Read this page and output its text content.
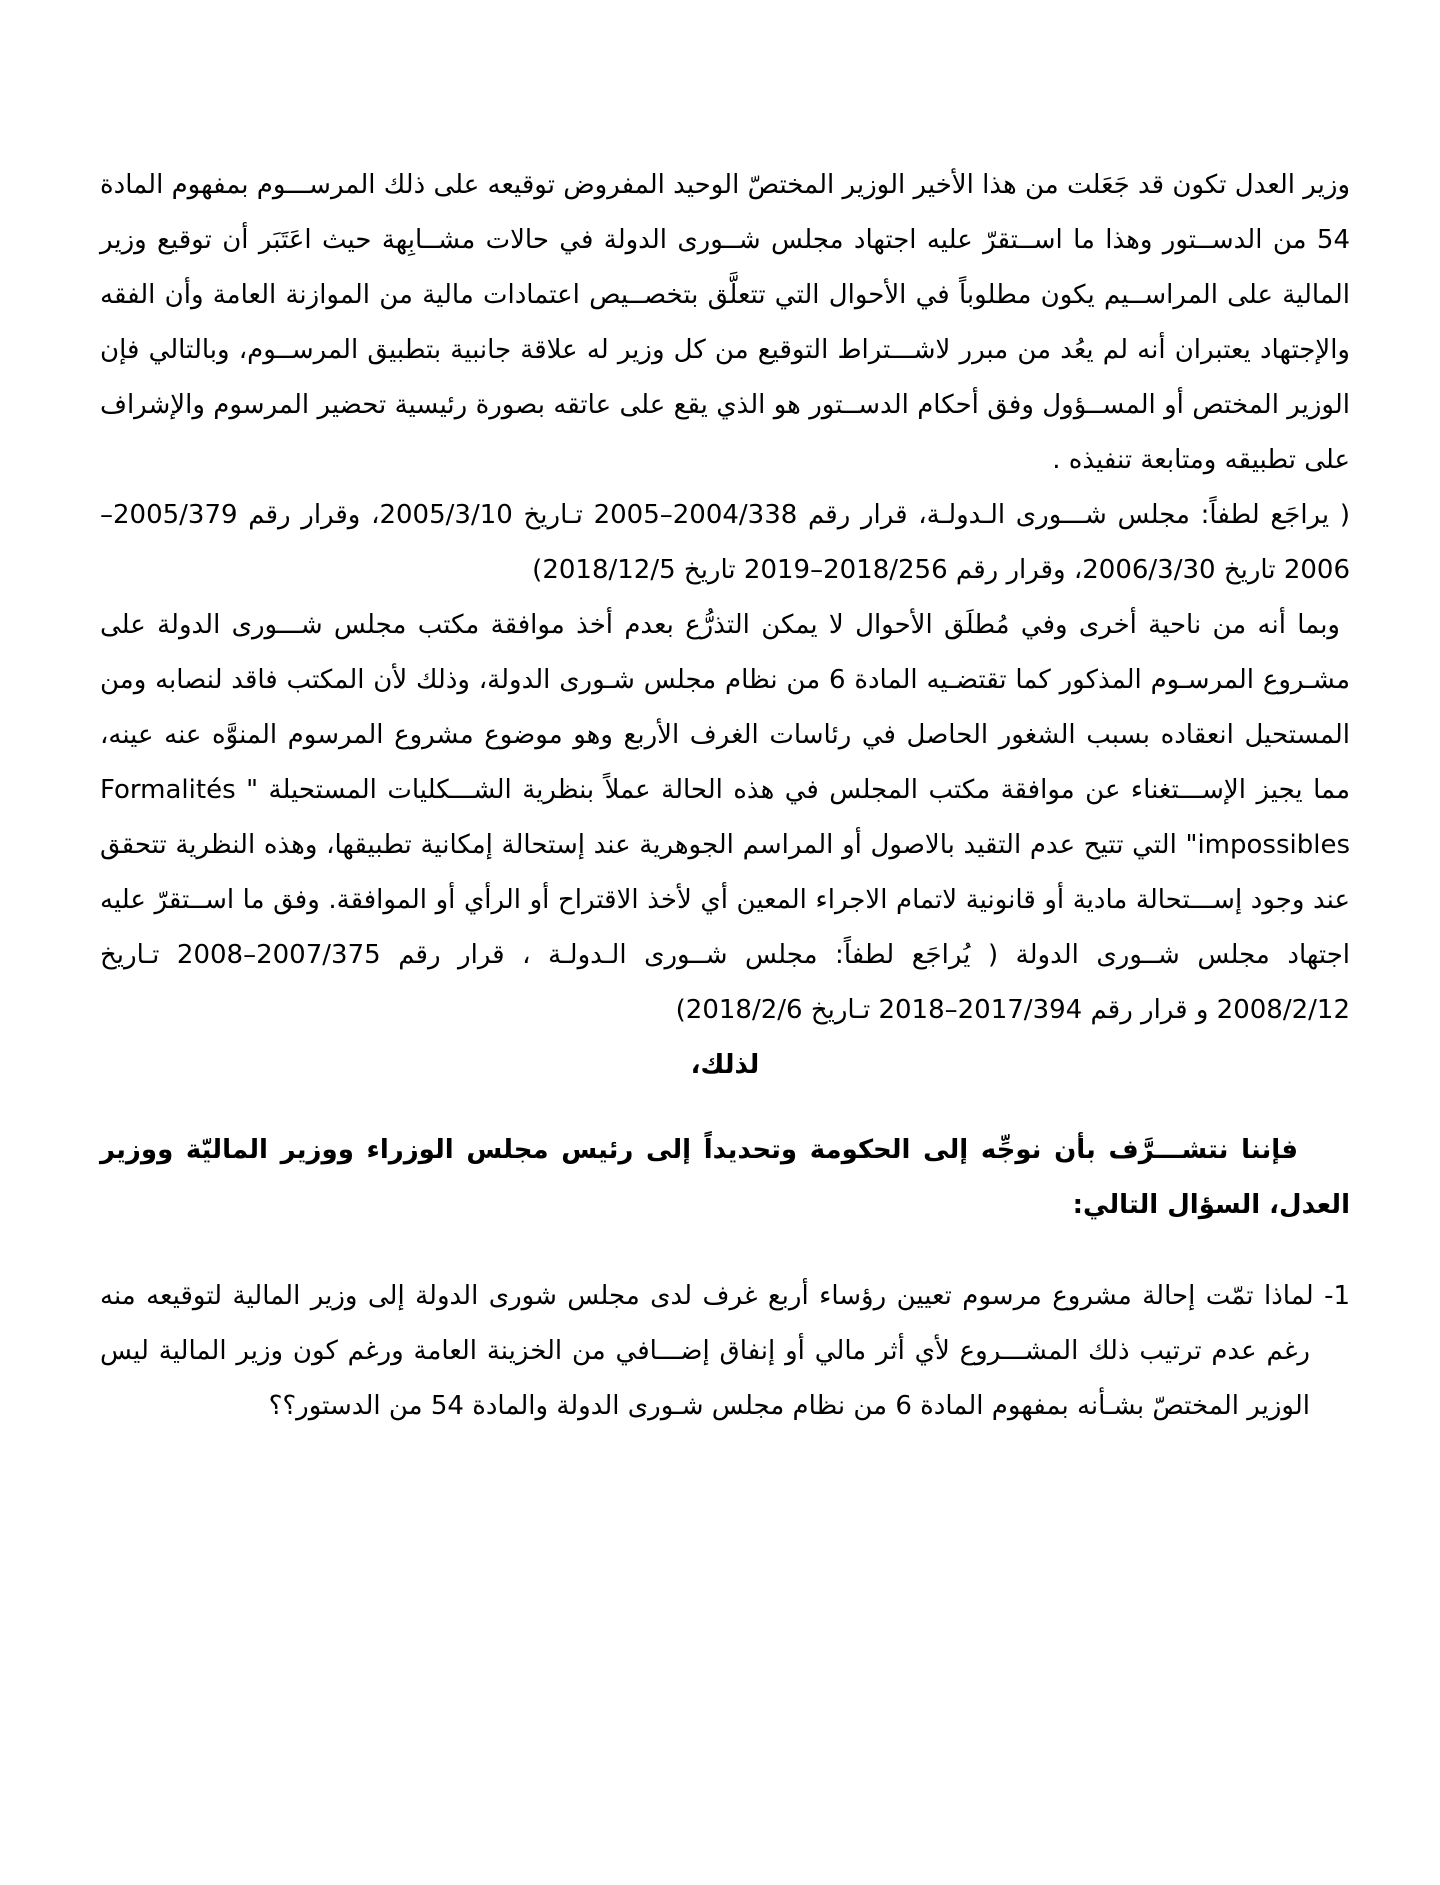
وزير العدل تكون قد جَعَلت من هذا الأخير الوزير المختصّ الوحيد المفروض توقيعه على ذلك المرســـوم بمفهوم المادة 54 من الدســتور وهذا ما اســتقرّ عليه اجتهاد مجلس شــورى الدولة في حالات مشــابِهة حيث اعَتَبَر أن توقيع وزير المالية على المراســيم يكون مطلوباً في الأحوال التي تتعلَّق بتخصــيص اعتمادات مالية من الموازنة العامة وأن الفقه والإجتهاد يعتبران أنه لم يعُد من مبرر لاشـــتراط التوقيع من كل وزير له علاقة جانبية بتطبيق المرســوم، وبالتالي فإن الوزير المختص أو المســؤول وفق أحكام الدســتور هو الذي يقع على عاتقه بصورة رئيسية تحضير المرسوم والإشراف على تطبيقه ومتابعة تنفيذه .

( يراجَع لطفاً: مجلس شـــورى الـدولـة، قرار رقم 2004/338–2005 تـاريخ 2005/3/10، وقرار رقم 2005/379– 2006 تاريخ 2006/3/30، وقرار رقم 2018/256–2019 تاريخ 2018/12/5)

وبما أنه من ناحية أخرى وفي مُطلَق الأحوال لا يمكن التذرُّع بعدم أخذ موافقة مكتب مجلس شـــورى الدولة على مشـروع المرسـوم المذكور كما تقتضـيه المادة 6 من نظام مجلس شـورى الدولة، وذلك لأن المكتب فاقد لنصابه ومن المستحيل انعقاده بسبب الشغور الحاصل في رئاسات الغرف الأربع وهو موضوع مشروع المرسوم المنوَّه عنه عينه، مما يجيز الإســـتغناء عن موافقة مكتب المجلس في هذه الحالة عملاً بنظرية الشـــكليات المستحيلة " Formalités impossibles" التي تتيح عدم التقيد بالاصول أو المراسم الجوهرية عند إستحالة إمكانية تطبيقها، وهذه النظرية تتحقق عند وجود إســـتحالة مادية أو قانونية لاتمام الاجراء المعين أي لأخذ الاقتراح أو الرأي أو الموافقة. وفق ما اســتقرّ عليه اجتهاد مجلس شــورى الدولة ( يُراجَع لطفاً: مجلس شــورى الـدولـة ، قرار رقم 2007/375–2008 تـاريخ 2008/2/12 و قرار رقم 2017/394–2018 تـاريخ 2018/2/6)

لذلك،

فإننا نتشـــرَّف بأن نوجِّه إلى الحكومة وتحديداً إلى رئيس مجلس الوزراء ووزير الماليّة ووزير العدل، السؤال التالي:

1- لماذا تمّت إحالة مشروع مرسوم تعيين رؤساء أربع غرف لدى مجلس شورى الدولة إلى وزير المالية لتوقيعه منه رغم عدم ترتيب ذلك المشـــروع لأي أثر مالي أو إنفاق إضـــافي من الخزينة العامة ورغم كون وزير المالية ليس الوزير المختصّ بشـأنه بمفهوم المادة 6 من نظام مجلس شـورى الدولة والمادة 54 من الدستور؟؟
